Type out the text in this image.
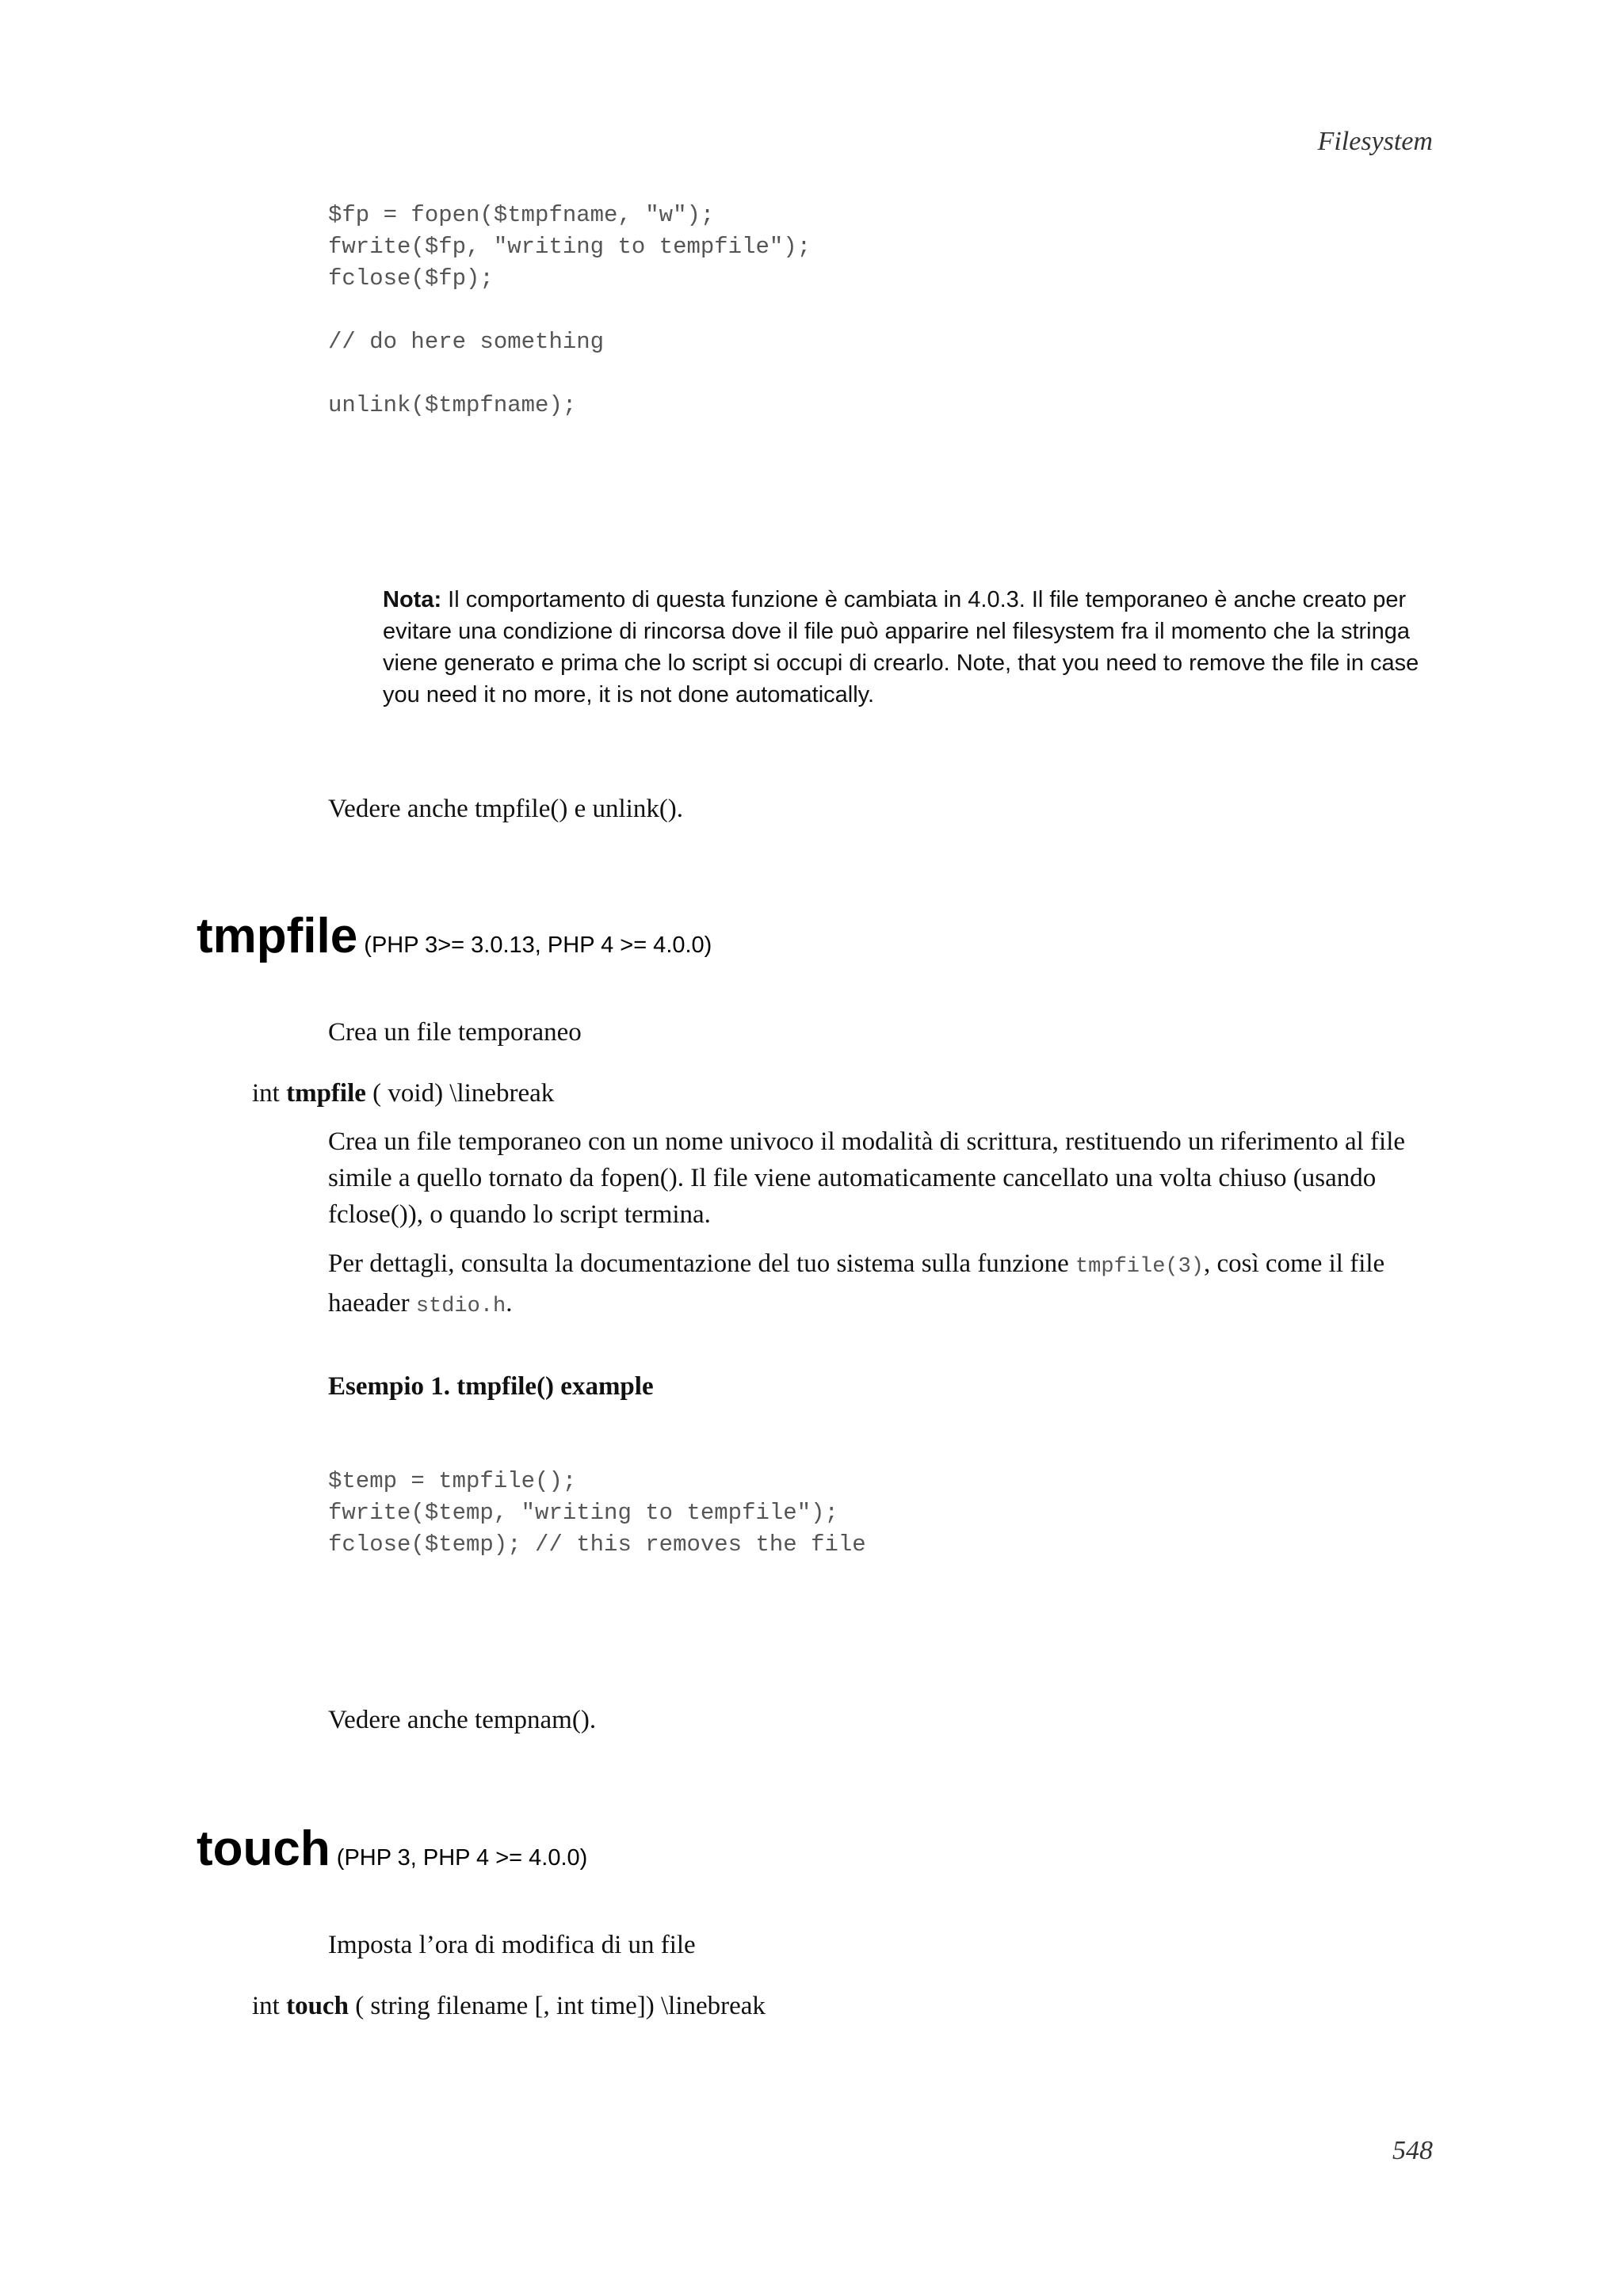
Filesystem
$fp = fopen($tmpfname, "w");
fwrite($fp, "writing to tempfile");
fclose($fp);

// do here something

unlink($tmpfname);
Nota: Il comportamento di questa funzione è cambiata in 4.0.3. Il file temporaneo è anche creato per evitare una condizione di rincorsa dove il file può apparire nel filesystem fra il momento che la stringa viene generato e prima che lo script si occupi di crearlo. Note, that you need to remove the file in case you need it no more, it is not done automatically.
Vedere anche tmpfile() e unlink().
tmpfile (PHP 3>= 3.0.13, PHP 4 >= 4.0.0)
Crea un file temporaneo
int tmpfile ( void) \linebreak

Crea un file temporaneo con un nome univoco il modalità di scrittura, restituendo un riferimento al file simile a quello tornato da fopen(). Il file viene automaticamente cancellato una volta chiuso (usando fclose()), o quando lo script termina.

Per dettagli, consulta la documentazione del tuo sistema sulla funzione tmpfile(3), così come il file haeader stdio.h.

Esempio 1. tmpfile() example
$temp = tmpfile();
fwrite($temp, "writing to tempfile");
fclose($temp); // this removes the file
Vedere anche tempnam().
touch (PHP 3, PHP 4 >= 4.0.0)
Imposta l’ora di modifica di un file
int touch ( string filename [, int time]) \linebreak
548
